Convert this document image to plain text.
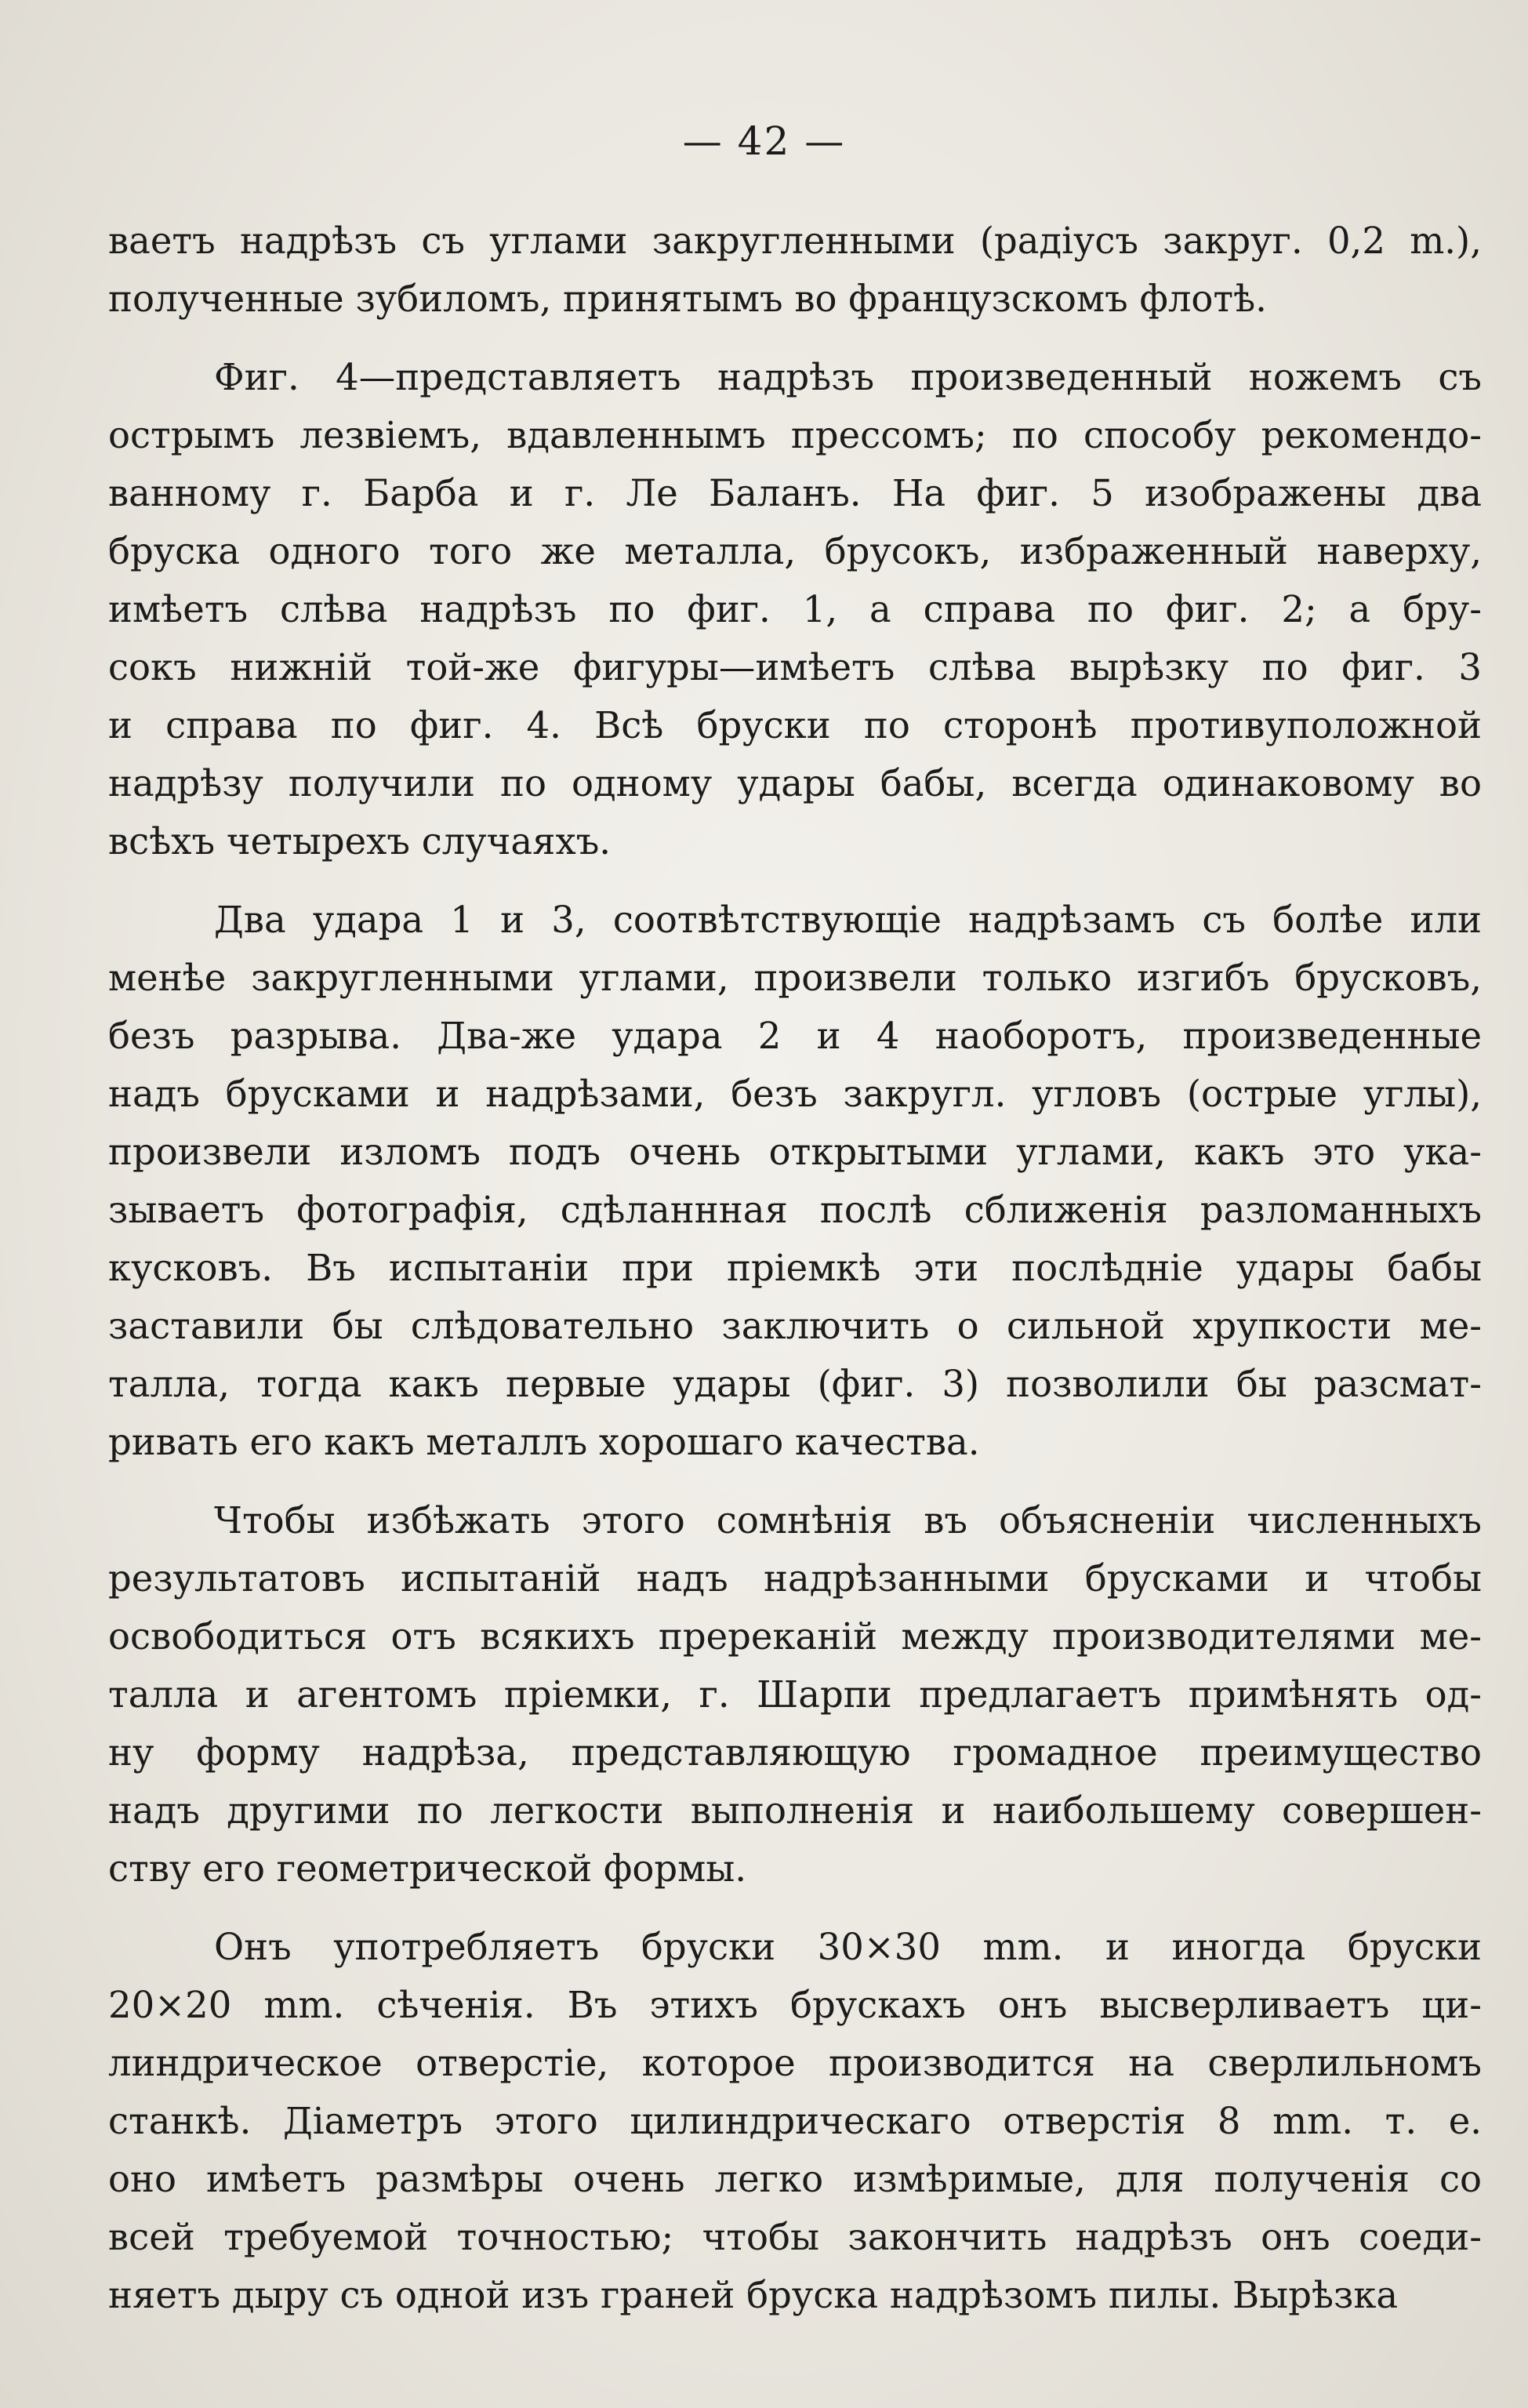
— 42 —
ваетъ надрѣзъ съ углами закругленными (радіусъ закруг. 0,2 m.),
полученные зубиломъ, принятымъ во французскомъ флотѣ.
Фиг. 4—представляетъ надрѣзъ произведенный ножемъ съ
острымъ лезвіемъ, вдавленнымъ прессомъ; по способу рекомендо-
ванному г. Барба и г. Ле Баланъ. На фиг. 5 изображены два
бруска одного того же металла, брусокъ, избраженный наверху,
имѣетъ слѣва надрѣзъ по фиг. 1, а справа по фиг. 2; а бру-
сокъ нижній той-же фигуры—имѣетъ слѣва вырѣзку по фиг. 3
и справа по фиг. 4. Всѣ бруски по сторонѣ противуположной
надрѣзу получили по одному удары бабы, всегда одинаковому во
всѣхъ четырехъ случаяхъ.
Два удара 1 и 3, соотвѣтствующіе надрѣзамъ съ болѣе или
менѣе закругленными углами, произвели только изгибъ брусковъ,
безъ разрыва. Два-же удара 2 и 4 наоборотъ, произведенные
надъ брусками и надрѣзами, безъ закругл. угловъ (острые углы),
произвели изломъ подъ очень открытыми углами, какъ это ука-
зываетъ фотографія, сдѣланнная послѣ сближенія разломанныхъ
кусковъ. Въ испытаніи при пріемкѣ эти послѣдніе удары бабы
заставили бы слѣдовательно заключить о сильной хрупкости ме-
талла, тогда какъ первые удары (фиг. 3) позволили бы разсмат-
ривать его какъ металлъ хорошаго качества.
Чтобы избѣжать этого сомнѣнія въ объясненіи численныхъ
результатовъ испытаній надъ надрѣзанными брусками и чтобы
освободиться отъ всякихъ пререканій между производителями ме-
талла и агентомъ пріемки, г. Шарпи предлагаетъ примѣнять од-
ну форму надрѣза, представляющую громадное преимущество
надъ другими по легкости выполненія и наибольшему совершен-
ству его геометрической формы.
Онъ употребляетъ бруски 30×30 mm. и иногда бруски
20×20 mm. сѣченія. Въ этихъ брускахъ онъ высверливаетъ ци-
линдрическое отверстіе, которое производится на сверлильномъ
станкѣ. Діаметръ этого цилиндрическаго отверстія 8 mm. т. е.
оно имѣетъ размѣры очень легко измѣримые, для полученія со
всей требуемой точностью; чтобы закончить надрѣзъ онъ соеди-
няетъ дыру съ одной изъ граней бруска надрѣзомъ пилы. Вырѣзка
